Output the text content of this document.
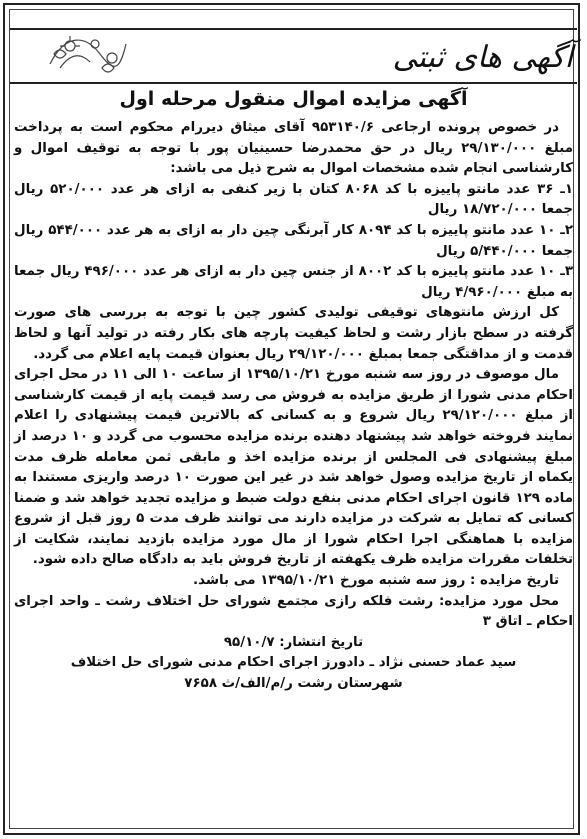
آگهی های ثبتی
آگهی مزایده اموال منقول مرحله اول

در خصوص پرونده ارجاعی ۹۵۳۱۴۰/۶ آقای میثاق دیررام محکوم است به پرداخت مبلغ ۲۹/۱۳۰/۰۰۰ ریال در حق محمدرضا حسینیان پور با توجه به توقیف اموال و کارشناسی انجام شده مشخصات اموال به شرح ذیل می باشد:

۱ـ ۳۶ عدد مانتو پاییزه با کد ۸۰۶۸ کتان با زیر کنفی به ازای هر عدد ۵۲۰/۰۰۰ ریال جمعا ۱۸/۷۲۰/۰۰۰ ریال

۲ـ ۱۰ عدد مانتو پاییزه با کد ۸۰۹۴ کار آبرنگی چین دار به ازای به هر عدد ۵۴۴/۰۰۰ ریال جمعا ۵/۴۴۰/۰۰۰ ریال

۳ـ ۱۰ عدد مانتو پاییزه با کد ۸۰۰۲ از جنس چین دار به ازای هر عدد ۴۹۶/۰۰۰ ریال جمعا به مبلغ ۴/۹۶۰/۰۰۰ ریال

کل ارزش مانتوهای توقیفی تولیدی کشور چین با توجه به بررسی های صورت گرفته در سطح بازار رشت و لحاظ کیفیت پارچه های بکار رفته در تولید آنها و لحاظ قدمت و از مداقتگی جمعا بمبلغ ۲۹/۱۲۰/۰۰۰ ریال بعنوان قیمت پایه اعلام می گردد.

مال موصوف در روز سه شنبه مورخ ۱۳۹۵/۱۰/۲۱ از ساعت ۱۰ الی ۱۱ در محل اجرای احکام مدنی شورا از طریق مزایده به فروش می رسد قیمت پایه از قیمت کارشناسی از مبلغ ۲۹/۱۲۰/۰۰۰ ریال شروع و به کسانی که بالاترین قیمت پیشنهادی را اعلام نمایند فروخته خواهد شد پیشنهاد دهنده برنده مزایده محسوب می گردد و ۱۰ درصد از مبلغ پیشنهادی فی المجلس از برنده مزایده اخذ و مابقی ثمن معامله ظرف مدت یکماه از تاریخ مزایده وصول خواهد شد در غیر این صورت ۱۰ درصد واریزی مستندا به ماده ۱۲۹ قانون اجرای احکام مدنی بنفع دولت ضبط و مزایده تجدید خواهد شد و ضمنا کسانی که تمایل به شرکت در مزایده دارند می توانند ظرف مدت ۵ روز قبل از شروع مزایده با هماهنگی اجرا احکام شورا از مال مورد مزایده بازدید نمایند، شکایت از تخلفات مقررات مزایده ظرف یکهفته از تاریخ فروش باید به دادگاه صالح داده شود.

تاریخ مزایده : روز سه شنبه مورخ ۱۳۹۵/۱۰/۲۱ می باشد.

محل مورد مزایده: رشت فلکه رازی مجتمع شورای حل اختلاف رشت ـ واحد اجرای احکام ـ اتاق ۳

تاریخ انتشار: ۹۵/۱۰/۷

سید عماد حسنی نژاد ـ دادورز اجرای احکام مدنی شورای حل اختلاف

شهرستان رشت ر/م/الف/ث ۷۶۵۸
